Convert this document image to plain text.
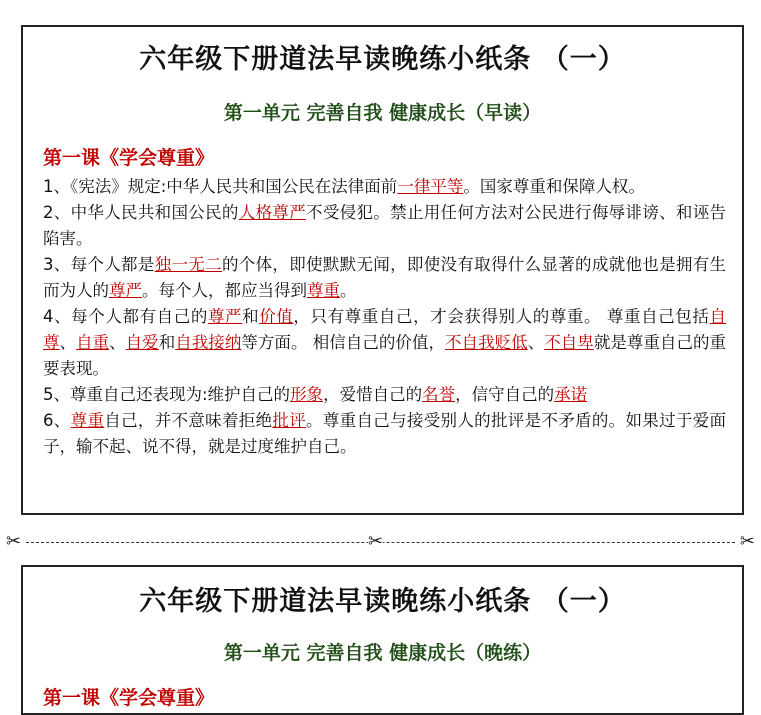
六年级下册道法早读晚练小纸条 （一）
第一单元 完善自我 健康成长（早读）
第一课《学会尊重》

1、《宪法》规定:中华人民共和国公民在法律面前一律平等。国家尊重和保障人权。

2、中华人民共和国公民的人格尊严不受侵犯。禁止用任何方法对公民进行侮辱诽谤、和诬告陷害。

3、每个人都是独一无二的个体，即使默默无闻，即使没有取得什么显著的成就他也是拥有生而为人的尊严。每个人，都应当得到尊重。

4、每个人都有自己的尊严和价值，只有尊重自己，才会获得别人的尊重。 尊重自己包括自尊、自重、自爱和自我接纳等方面。 相信自己的价值，不自我贬低、不自卑就是尊重自己的重要表现。

5、尊重自己还表现为:维护自己的形象，爱惜自己的名誉，信守自己的承诺

6、尊重自己，并不意味着拒绝批评。尊重自己与接受别人的批评是不矛盾的。如果过于爱面子，输不起、说不得，就是过度维护自己。

✂	✂	✂
六年级下册道法早读晚练小纸条 （一）
第一单元 完善自我 健康成长（晚练）
第一课《学会尊重》
